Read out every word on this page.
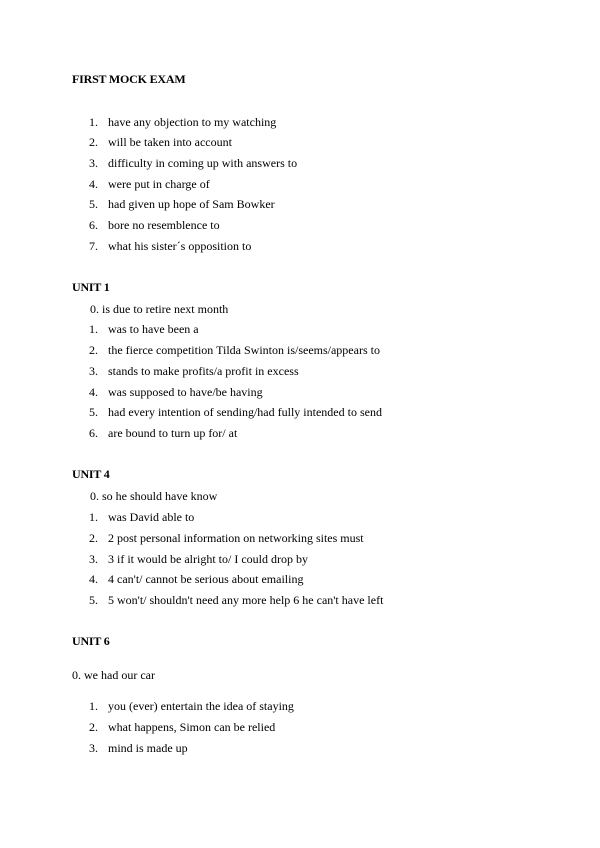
FIRST MOCK EXAM
1. have any objection to my watching
2. will be taken into account
3. difficulty in coming up with answers to
4. were put in charge of
5. had given up hope of Sam Bowker
6. bore no resemblence to
7. what his sister´s opposition to
UNIT 1
0. is due to retire next month
1. was to have been a
2. the fierce competition Tilda Swinton is/seems/appears to
3. stands to make profits/a profit in excess
4. was supposed to have/be having
5. had every intention of sending/had fully intended to send
6. are bound to turn up for/ at
UNIT 4
0. so he should have know
1. was David able to
2. 2 post personal information on networking sites must
3. 3 if it would be alright to/ I could drop by
4. 4 can't/ cannot be serious about emailing
5. 5 won't/ shouldn't need any more help 6 he can't have left
UNIT 6
0. we had our car
1. you (ever) entertain the idea of staying
2. what happens, Simon can be relied
3. mind is made up
